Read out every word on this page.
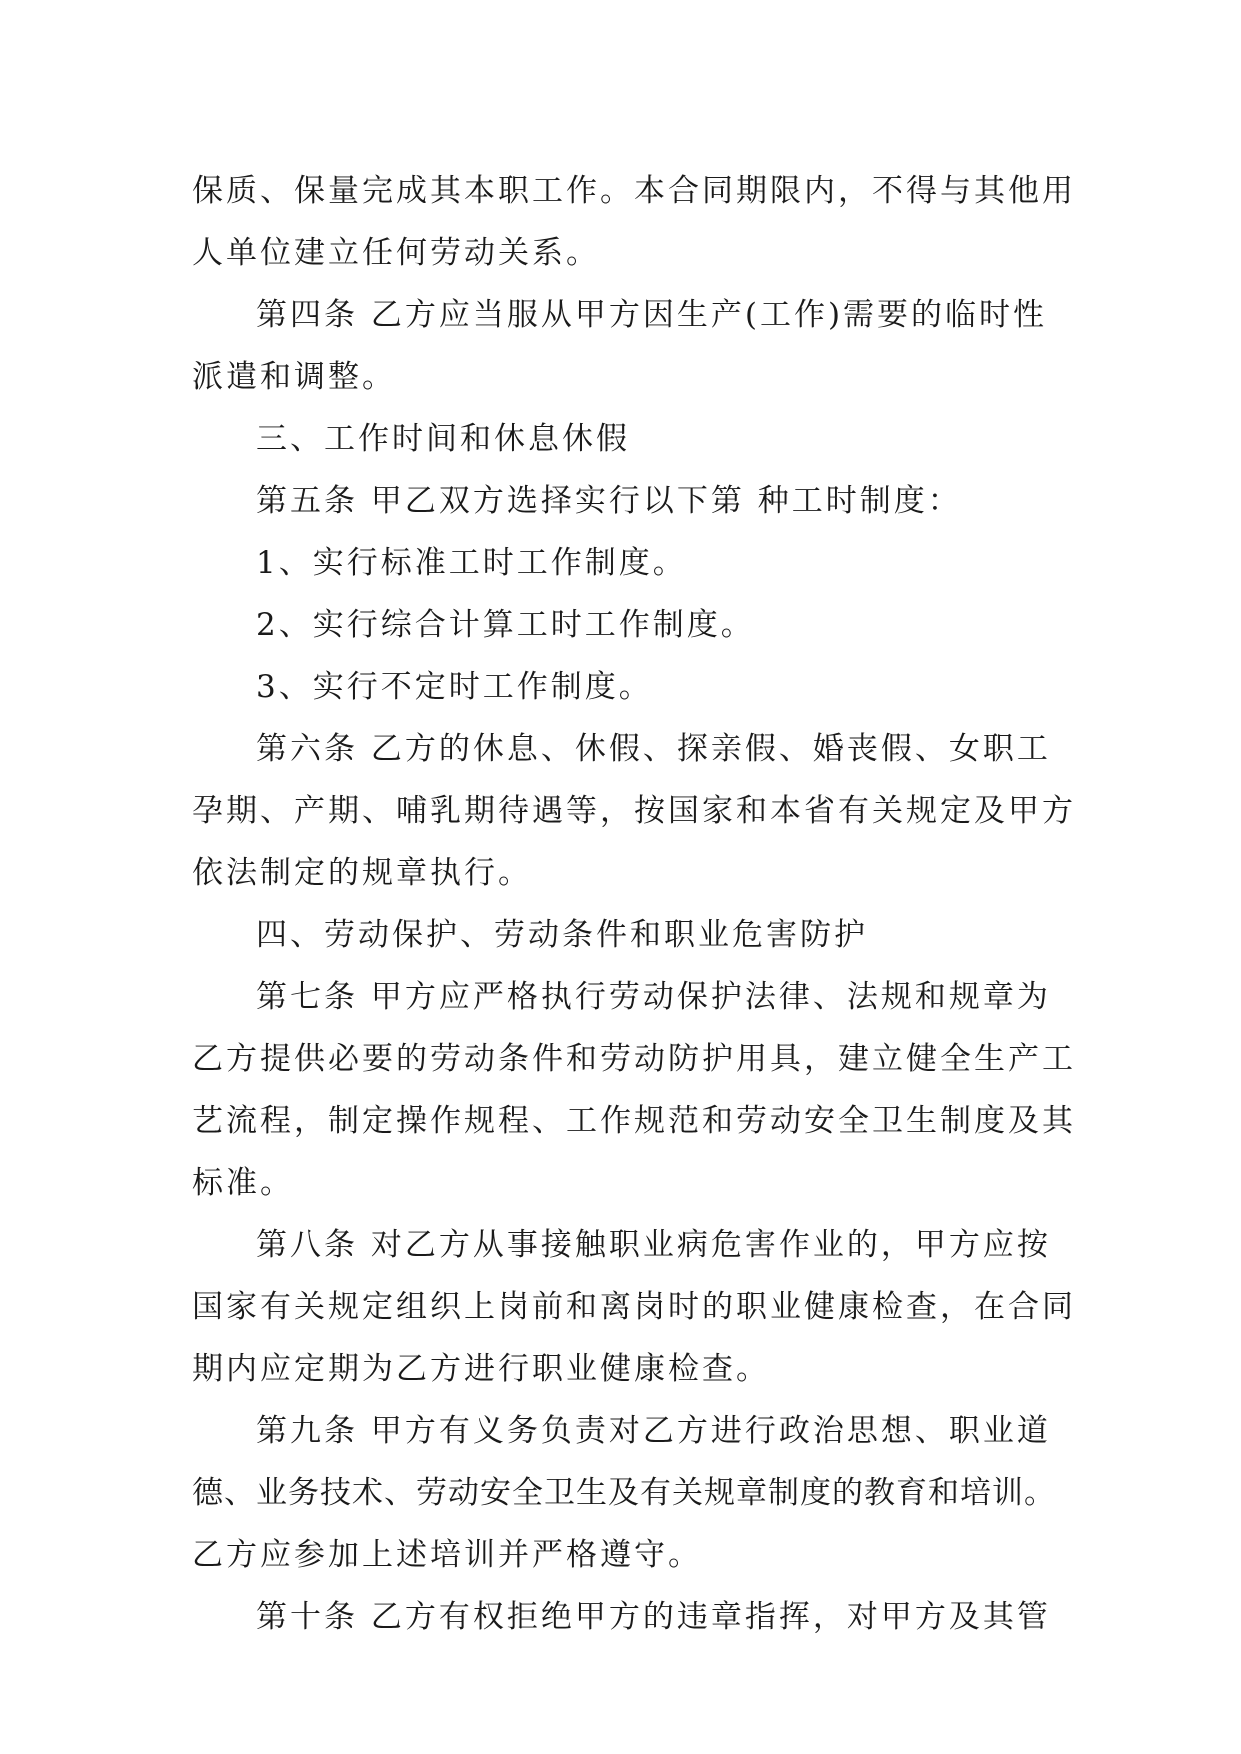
保质、保量完成其本职工作。本合同期限内，不得与其他用
人单位建立任何劳动关系。
第四条 乙方应当服从甲方因生产(工作)需要的临时性
派遣和调整。
三、工作时间和休息休假
第五条 甲乙双方选择实行以下第 种工时制度：
1、实行标准工时工作制度。
2、实行综合计算工时工作制度。
3、实行不定时工作制度。
第六条 乙方的休息、休假、探亲假、婚丧假、女职工
孕期、产期、哺乳期待遇等，按国家和本省有关规定及甲方
依法制定的规章执行。
四、劳动保护、劳动条件和职业危害防护
第七条 甲方应严格执行劳动保护法律、法规和规章为
乙方提供必要的劳动条件和劳动防护用具，建立健全生产工
艺流程，制定操作规程、工作规范和劳动安全卫生制度及其
标准。
第八条 对乙方从事接触职业病危害作业的，甲方应按
国家有关规定组织上岗前和离岗时的职业健康检查，在合同
期内应定期为乙方进行职业健康检查。
第九条 甲方有义务负责对乙方进行政治思想、职业道
德、业务技术、劳动安全卫生及有关规章制度的教育和培训。
乙方应参加上述培训并严格遵守。
第十条 乙方有权拒绝甲方的违章指挥，对甲方及其管
